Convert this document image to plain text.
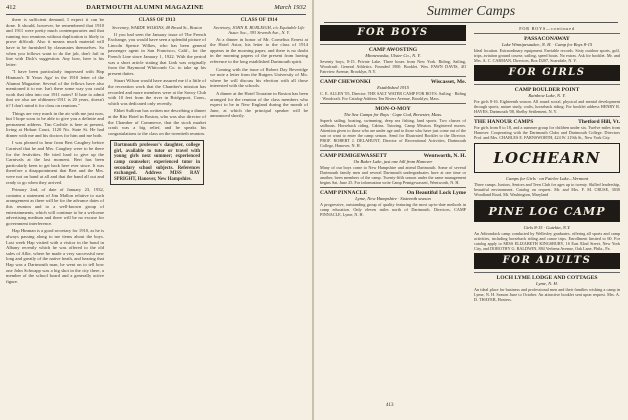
412	DARTMOUTH ALUMNI MAGAZINE	March 1932

there is sufficient demand, I expect it can be done. It should, however, be remembered that 1910 and 1911 were pretty much contemporaries and that running two reunions without duplication is likely to prove difficult. Also it means much material will have to be furnished by classmates themselves. So when you follows want to do the job, don't fail in line with Dick's suggestion. Any how, here is his letter:

"I have been particularly impressed with Hap Hinman's 'If Years Ago' in the 1910 letter of the Alumni Magazine. Several of the fellows have also mentioned it to me. Isn't there some way you could work that idea into our 1911 notes? If hate to admit that we also are oldtimers-1911 is 20 years, doesn't it? I don't mind it for class on reunions."

Things are very much in the air with me just now, but I hope soon to be able to give you a definite and permanent address. Tim Carlisle is here at present, living at Hobart Court, 1120 No. State St. He had dinner with me and his doctors for him and me both.

I was pleased to hear from Bert Caughey before Carnival that he and Mrs. Caughey were to be there for the festivities. He tried hard to give up the Carnivals at the last moment. Bert has been particularly keen to get back here ever since. It was therefore a disappointment that Bert and the Mrs. were not on hand at all and that the band all out and ready to go when they arrived.

Primary 2nd, of date of January 23, 1932, contains a statement of Jim Mallon relative to such arrangement as there will be for the advance dates of this reunion and to a well-known group of entertainments, which will continue to be a welcome advertising medium and there will be no excuse for government interference.

Hap Hinman is a good secretary for 1910, as he is always passing along to me items about the boys. Last week Hap visited with a visitor in the bond in Albany recently which he was offered to the old sales of Allie, where he made a very successful new long and greatly of the native heath, and hearing that Hap was a Dartmouth man, he went on to tell how one John Schwapp was a big shot in the city there, a member of the school board and a generally active figure.

CLASS OF 1913
Secretary, WARDE WILKINS, 48 Broad St., Boston

If you had seen the January issue of The French Exchange, you would have seen a splendid picture of Lincoln Spence Wilkes, who has been general passenger agent in San Francisco, Calif., for the French Line since January 1, 1922. With the period was a short article stating that Link was originally from the Raymond Whitcomb Co. to take up his present duties.

Stuart Wilson would have assured me if a little of the recreation work that the Chamber's mission has recorded and more members were at the Savoy Club with 10 feet from the river in Bridgeport, Conn., which was dedicated only recently.

Ebbet Sullivan has written me describing a dinner at the Ritz Hotel in Boston, who was also director of the Chamber of Commerce, that the stock market crash was a big relief, and he speaks his congratulations to the class on the twentieth reunion.

Dartmouth professor's daughter, college girl, available to tutor or travel with young girls next summer; experienced camp counselor; experienced tutor in secondary school subjects. References exchanged. Address MISS RAY SPRIGHT, Hanover, New Hampshire.
CLASS OF 1914
Secretary, JOHN R. BURLEIGH, c/o Equitable Life Assur. Soc., 393 Seventh Ave., N. Y.

At a dinner in honor of Mr. Cornelius Ernest at the Hotel Astor, his letter to the class of 1914 appears in the morning paper, and there is no doubt in the morning papers of the present from having reference to the long established Dartmouth spirit.

Coming with the issue of Robert Day Beveridge we note a letter from the Rutgers University of Mo. where he will discuss his election with all those interested with the schools.

A dinner at the Hotel Touraine in Boston has been arranged for the reunion of the class members who expect to be in New England during the month of June, at which the principal speaker will be announced shortly.

Summer Camps
FOR BOYS
CAMP AWOSTING
Minnewaska, Ulster Co., N. Y.
Seventy boys, 8-15. Private Lake. Three hours from New York. Riding, Sailing, Woodcraft. General Athletics. Founded 1900. Booklet. Wm. FAWN DAVIS, 4O Fairview Avenue, Brooklyn, N.Y.
CAMP CHEWONKI	Wiscasset, Me.
Established 1915
C. E. ALLEN '05, Director. THE SALT WATER CAMP FOR BOYS. Sailing · Riding · Woodcraft. For Catalog-Address Ten Rivers Avenue, Brooklyn, Mass.
MON-O-MOY
The Sea Camps for Boys · Cape Cod, Brewster, Mass.
Superb sailing, boating, swimming, deep sea fishing, land sports. Two classes of sailboats. Horseback riding. Cabins. Tutoring. Camp Mission. Registered nurses. Attention given to those who are under age and to those who have just come out of the sun or want to enter the camp season. Send for Illustrated Booklet to the Director. PROF. ROBERT J. DELAHUNT, Director of Recreational Activities, Dartmouth College, Hanover, N. H.
CAMP PEMIGEWASSETT	Wentworth, N. H.
On Baker Lake, just one hill from Hanover
Many of our boys come to New Hampshire and attend Dartmouth. Some of several Dartmouth family men and several Dartmouth undergraduates have at one time or another, been members of the camp. Twenty-fifth season under the same management begins Sat. June 25. For information write Camp Pemigewassett, Wentworth, N. H.
CAMP PINNACLE	On Beautiful Lock Lyme
Lyme, New Hampshire · Sixteenth season
A progressive, outstanding group of quality featuring the most up-to-date methods in camp education. Only eleven miles north of Dartmouth. Directors, CAMP PINNACLE, Lyme, N. H.
413
FOR BOYS—continued
PASSACONAWAY
Lake Winnipesaukee, N. H. · Camp for Boys 8-15
Ideal location. Extraordinary equipment. Enviable records. Sixty outdoor sports, golf, trips, aviation ground course, sailing, speed boats. No extras. Ask for booklet. Mr. and Mrs. A. C. CARMAN, Directors, Box D207, Scarsdale, N. Y.
FOR GIRLS
CAMP BOULDER POINT
Rainbow Lake, N. Y.
For girls 8-16. Eighteenth season. All round social, physical and mental development through sports, nature study, crafts, horseback riding. For booklet address HENRY R. HAYES, Dartmouth '08, Shelby Settlement, N. Y.
THE HANOUR CAMPS	Thetford Hill, Vt.
For girls from 8 to 18, and a summer group for children under six. Twelve miles from Hanover. Cooperating with the Dartmouth Clubs and Dartmouth College. Directors Prof. and Mrs. CHARLES E. FARNSWORTH, 424 W. 219th St., New York City.
LOCHEARN
Camps for Girls · on Fairlee Lake—Vermont
Three camps. Juniors, Seniors and Teen Club for ages up to twenty. Skilled leadership, beautiful environment. Catalog on request. Mr. and Mrs. F. M. CRUSE, 3030 Woodland Road, Mt. Washington, Maryland
PINE LOG CAMP
Girls 8-15 · Gutekin, N.Y.
An Adirondack camp conducted by Wellesley graduates, offering all sports and camp activities, including horseback riding and canoe trips. Enrollment limited to 60. For catalog apply to MISS ELIZABETH KINGSBURY, 16 East 82nd Street, New York City, and DOROTHY G. BALDWIN, 884 Verbena Avenue, Oak Lane, Phila., Pa.
FOR ADULTS
LOCH LYME LODGE AND COTTAGES
Lyme, N. H.
An ideal place for business and professional men and their families wishing a camp in Lyme, N. H. Season June to October. An attractive booklet sent upon request. Mrs. A. D. THAYER, Hostess.
